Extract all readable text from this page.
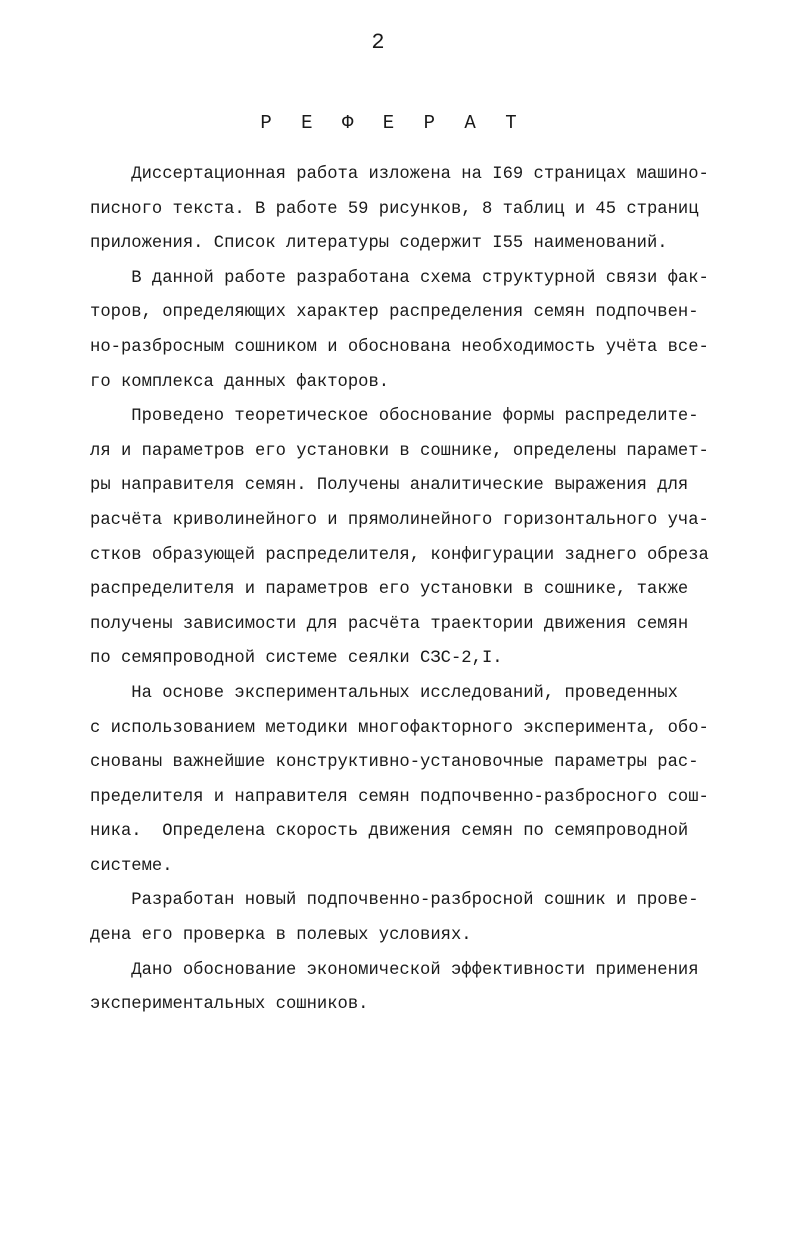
2
Р Е Ф Е Р А Т
Диссертационная работа изложена на I69 страницах машино-
писного текста. В работе 59 рисунков, 8 таблиц и 45 страниц
приложения. Список литературы содержит I55 наименований.
В данной работе разработана схема структурной связи фак-
торов, определяющих характер распределения семян подпочвен-
но-разбросным сошником и обоснована необходимость учёта все-
го комплекса данных факторов.
Проведено теоретическое обоснование формы распределите-
ля и параметров его установки в сошнике, определены парамет-
ры направителя семян. Получены аналитические выражения для
расчёта криволинейного и прямолинейного горизонтального уча-
стков образующей распределителя, конфигурации заднего обреза
распределителя и параметров его установки в сошнике, также
получены зависимости для расчёта траектории движения семян
по семяпроводной системе сеялки СЗС-2,I.
На основе экспериментальных исследований, проведенных
с использованием методики многофакторного эксперимента, обо-
снованы важнейшие конструктивно-установочные параметры рас-
пределителя и направителя семян подпочвенно-разбросного сош-
ника.  Определена скорость движения семян по семяпроводной
системе.
Разработан новый подпочвенно-разбросной сошник и прове-
дена его проверка в полевых условиях.
Дано обоснование экономической эффективности применения
экспериментальных сошников.
